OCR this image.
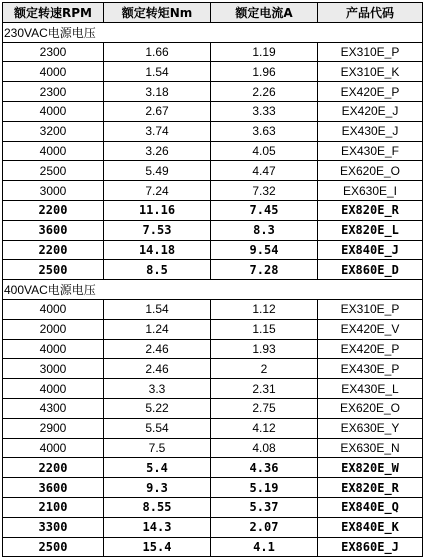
额定转速RPM	额定转矩Nm	额定电流A	产品代码
230VAC电源电压			
2300	1.66	1.19	EX310E_P
4000	1.54	1.96	EX310E_K
2300	3.18	2.26	EX420E_P
4000	2.67	3.33	EX420E_J
3200	3.74	3.63	EX430E_J
4000	3.26	4.05	EX430E_F
2500	5.49	4.47	EX620E_O
3000	7.24	7.32	EX630E_I
2200	11.16	7.45	EX820E_R
3600	7.53	8.3	EX820E_L
2200	14.18	9.54	EX840E_J
2500	8.5	7.28	EX860E_D
400VAC电源电压			
4000	1.54	1.12	EX310E_P
2000	1.24	1.15	EX420E_V
4000	2.46	1.93	EX420E_P
3000	2.46	2	EX430E_P
4000	3.3	2.31	EX430E_L
4300	5.22	2.75	EX620E_O
2900	5.54	4.12	EX630E_Y
4000	7.5	4.08	EX630E_N
2200	5.4	4.36	EX820E_W
3600	9.3	5.19	EX820E_R
2100	8.55	5.37	EX840E_Q
3300	14.3	2.07	EX840E_K
2500	15.4	4.1	EX860E_J
